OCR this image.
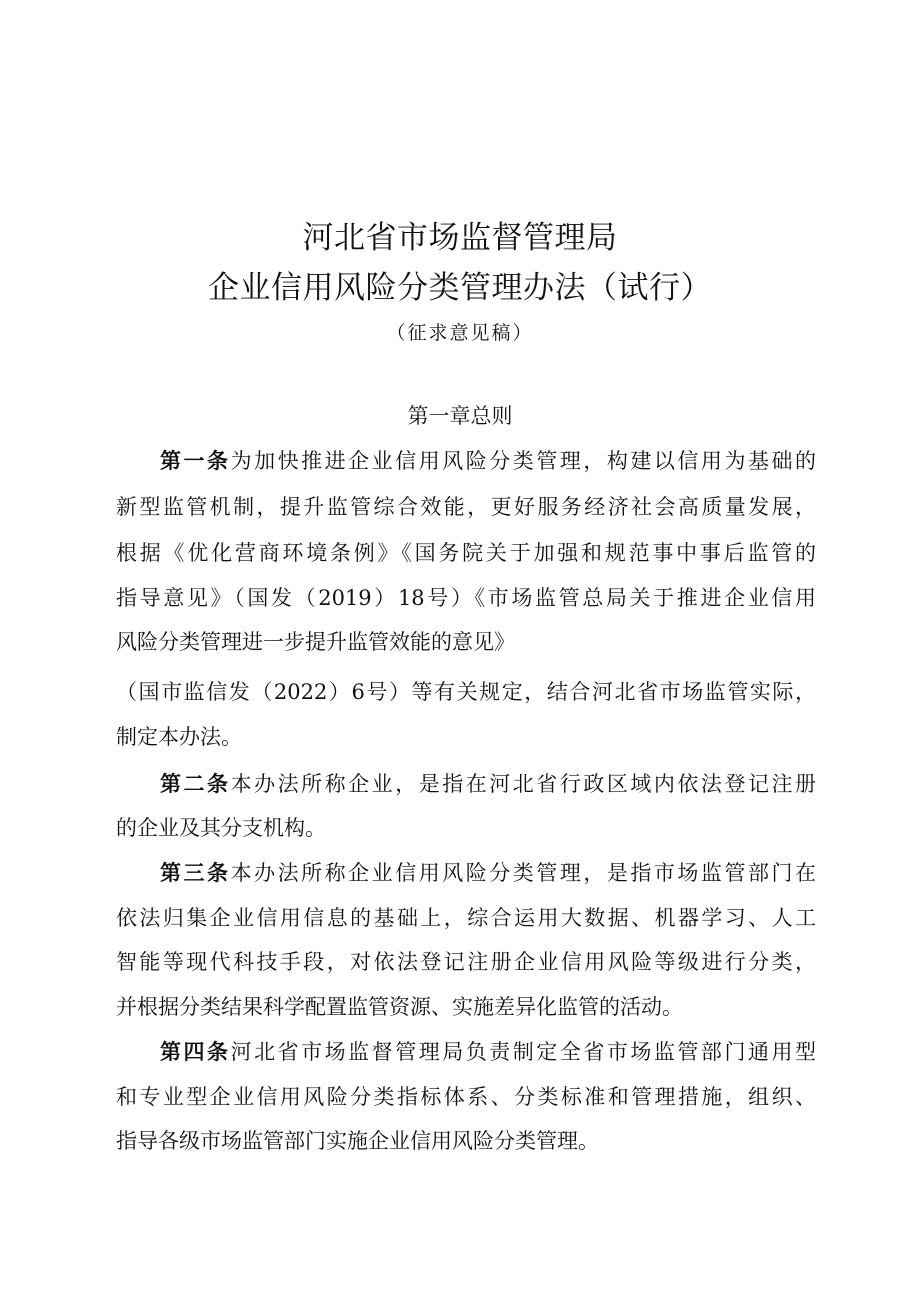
河北省市场监督管理局
企业信用风险分类管理办法（试行）
（征求意见稿）
第一章总则
第一条为加快推进企业信用风险分类管理，构建以信用为基础的
新型监管机制，提升监管综合效能，更好服务经济社会高质量发展，
根据《优化营商环境条例》《国务院关于加强和规范事中事后监管的
指导意见》（国发（2019）18号）《市场监管总局关于推进企业信用
风险分类管理进一步提升监管效能的意见》
（国市监信发（2022）6号）等有关规定，结合河北省市场监管实际，
制定本办法。
第二条本办法所称企业，是指在河北省行政区域内依法登记注册
的企业及其分支机构。
第三条本办法所称企业信用风险分类管理，是指市场监管部门在
依法归集企业信用信息的基础上，综合运用大数据、机器学习、人工
智能等现代科技手段，对依法登记注册企业信用风险等级进行分类，
并根据分类结果科学配置监管资源、实施差异化监管的活动。
第四条河北省市场监督管理局负责制定全省市场监管部门通用型
和专业型企业信用风险分类指标体系、分类标准和管理措施，组织、
指导各级市场监管部门实施企业信用风险分类管理。
